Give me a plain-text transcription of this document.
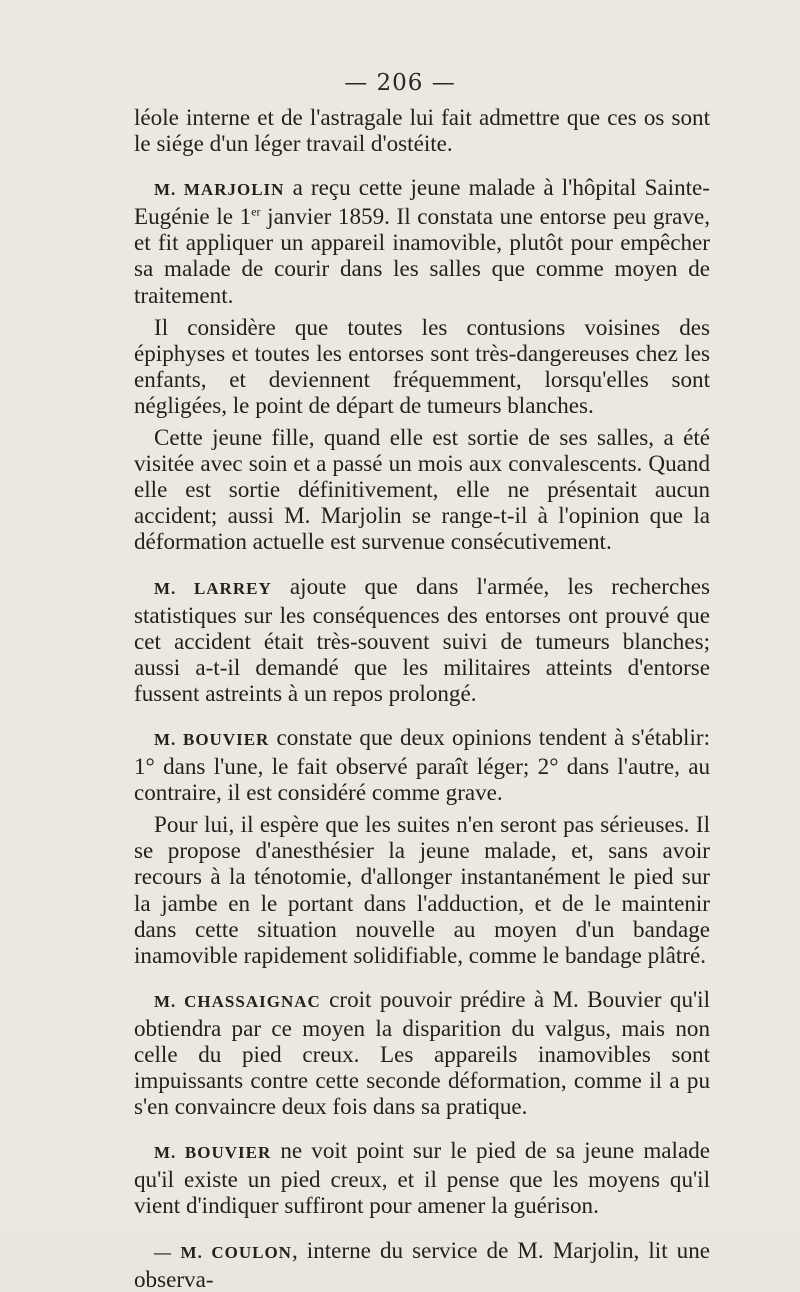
— 206 —

léole interne et de l'astragale lui fait admettre que ces os sont le siége d'un léger travail d'ostéite.

M. MARJOLIN a reçu cette jeune malade à l'hôpital Sainte-Eugénie le 1er janvier 1859. Il constata une entorse peu grave, et fit appliquer un appareil inamovible, plutôt pour empêcher sa malade de courir dans les salles que comme moyen de traitement.

Il considère que toutes les contusions voisines des épiphyses et toutes les entorses sont très-dangereuses chez les enfants, et deviennent fréquemment, lorsqu'elles sont négligées, le point de départ de tumeurs blanches.

Cette jeune fille, quand elle est sortie de ses salles, a été visitée avec soin et a passé un mois aux convalescents. Quand elle est sortie définitivement, elle ne présentait aucun accident; aussi M. Marjolin se range-t-il à l'opinion que la déformation actuelle est survenue consécutivement.

M. LARREY ajoute que dans l'armée, les recherches statistiques sur les conséquences des entorses ont prouvé que cet accident était très-souvent suivi de tumeurs blanches; aussi a-t-il demandé que les militaires atteints d'entorse fussent astreints à un repos prolongé.

M. BOUVIER constate que deux opinions tendent à s'établir: 1° dans l'une, le fait observé paraît léger; 2° dans l'autre, au contraire, il est considéré comme grave.

Pour lui, il espère que les suites n'en seront pas sérieuses. Il se propose d'anesthésier la jeune malade, et, sans avoir recours à la ténotomie, d'allonger instantanément le pied sur la jambe en le portant dans l'adduction, et de le maintenir dans cette situation nouvelle au moyen d'un bandage inamovible rapidement solidifiable, comme le bandage plâtré.

M. CHASSAIGNAC croit pouvoir prédire à M. Bouvier qu'il obtiendra par ce moyen la disparition du valgus, mais non celle du pied creux. Les appareils inamovibles sont impuissants contre cette seconde déformation, comme il a pu s'en convaincre deux fois dans sa pratique.

M. BOUVIER ne voit point sur le pied de sa jeune malade qu'il existe un pied creux, et il pense que les moyens qu'il vient d'indiquer suffiront pour amener la guérison.

— M. COULON, interne du service de M. Marjolin, lit une observa-
